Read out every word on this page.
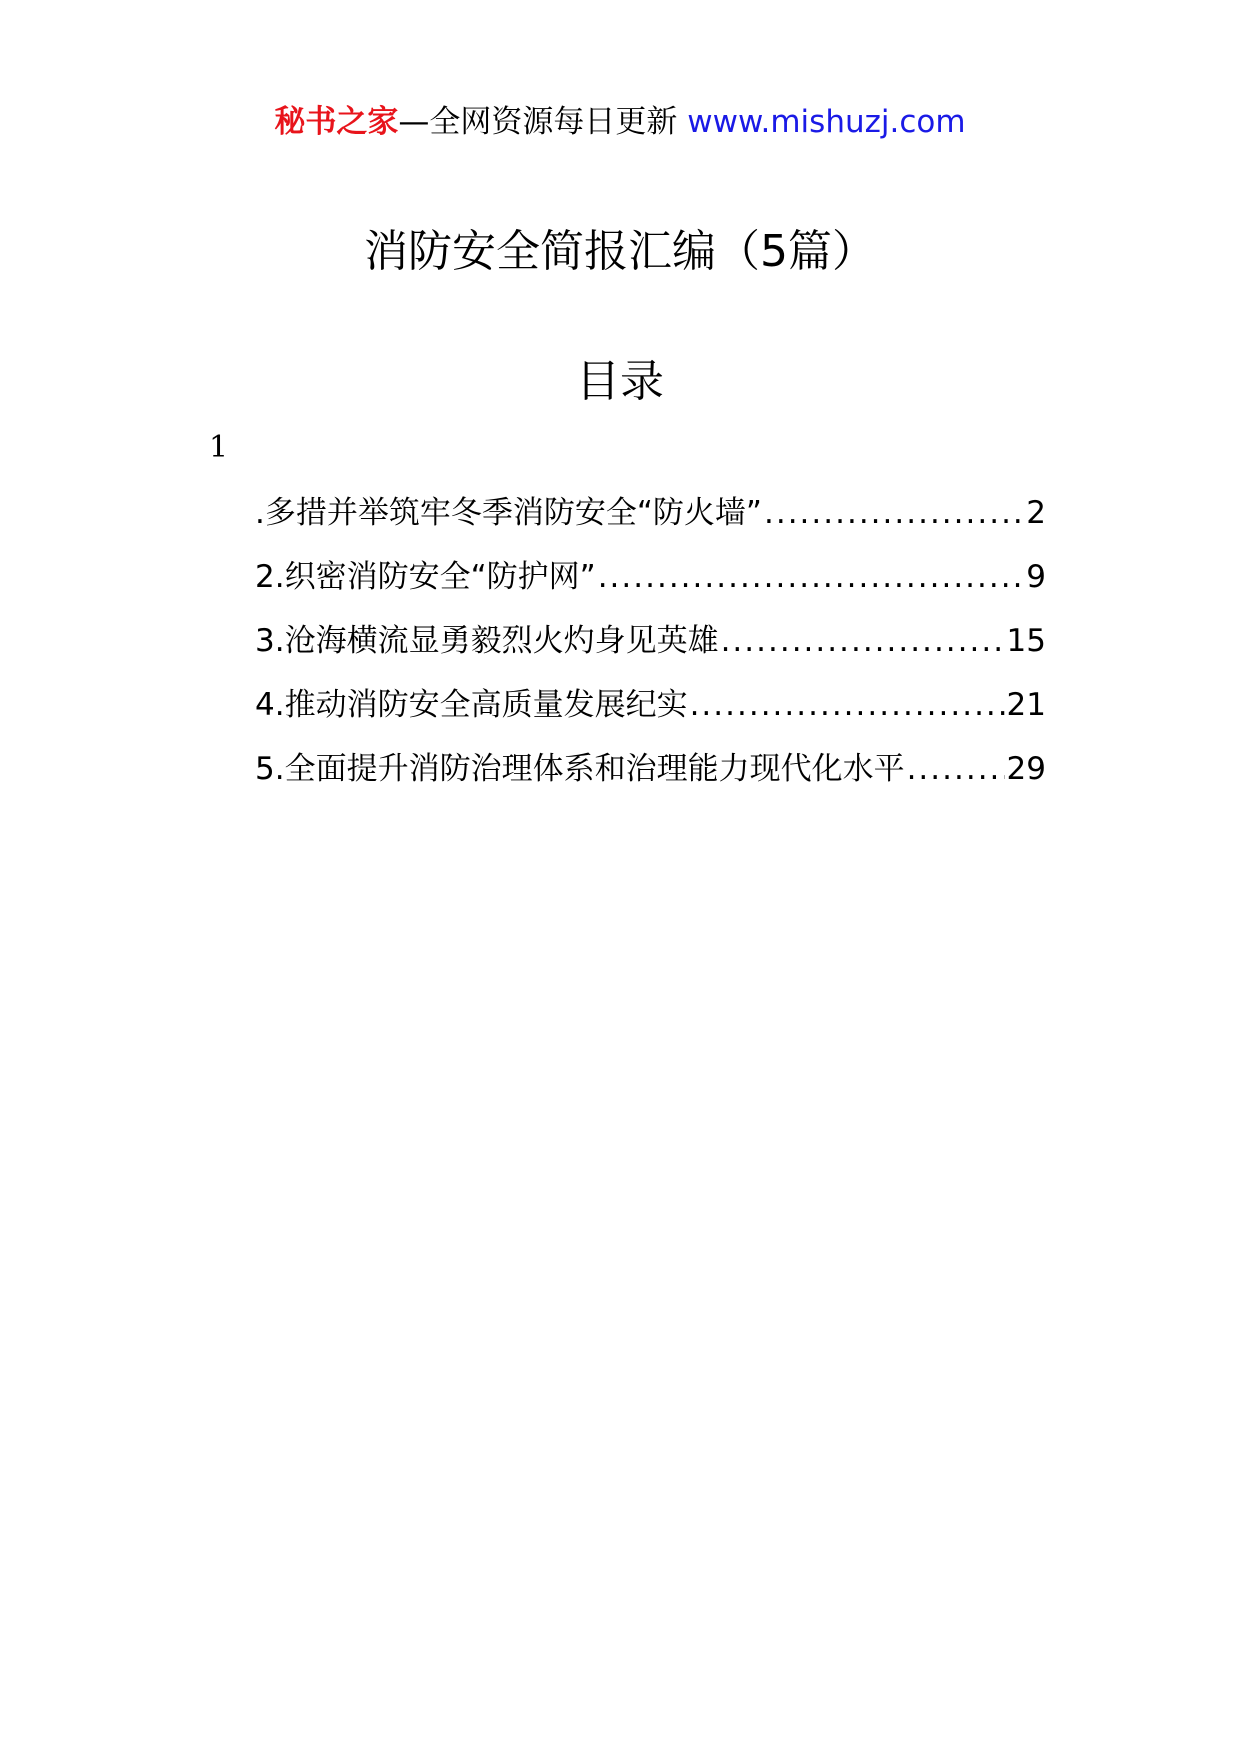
秘书之家—全网资源每日更新 www.mishuzj.com
消防安全简报汇编（5篇）
目录
1
.多措并举筑牢冬季消防安全“防火墙” .....	2
2.织密消防安全“防护网” .....	9
3.沧海横流显勇毅烈火灼身见英雄 .....	15
4.推动消防安全高质量发展纪实 .....	21
5.全面提升消防治理体系和治理能力现代化水平 .....	29
